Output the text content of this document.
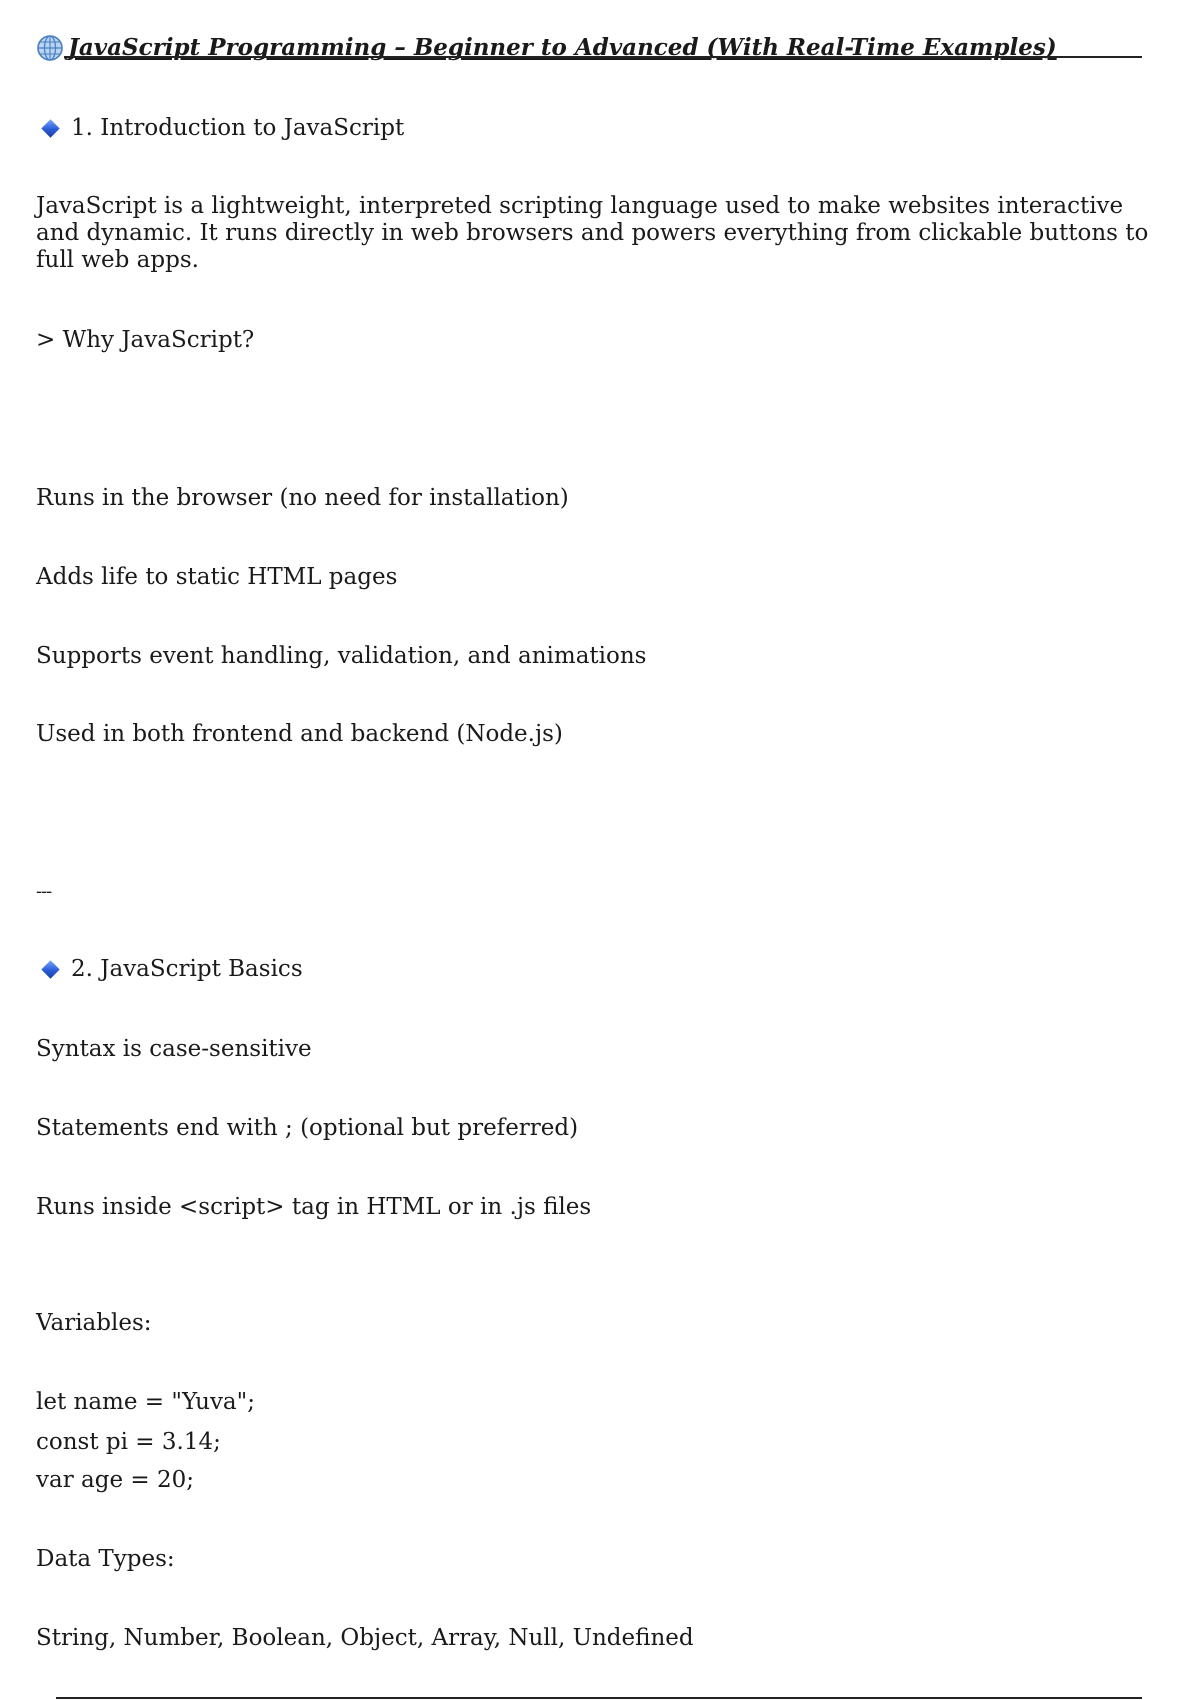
JavaScript Programming – Beginner to Advanced (With Real-Time Examples)
1. Introduction to JavaScript
JavaScript is a lightweight, interpreted scripting language used to make websites interactive and dynamic. It runs directly in web browsers and powers everything from clickable buttons to full web apps.
> Why JavaScript?
Runs in the browser (no need for installation)
Adds life to static HTML pages
Supports event handling, validation, and animations
Used in both frontend and backend (Node.js)
---
2. JavaScript Basics
Syntax is case-sensitive
Statements end with ; (optional but preferred)
Runs inside <script> tag in HTML or in .js files
Variables:
let name = "Yuva";
const pi = 3.14;
var age = 20;
Data Types:
String, Number, Boolean, Object, Array, Null, Undefined
